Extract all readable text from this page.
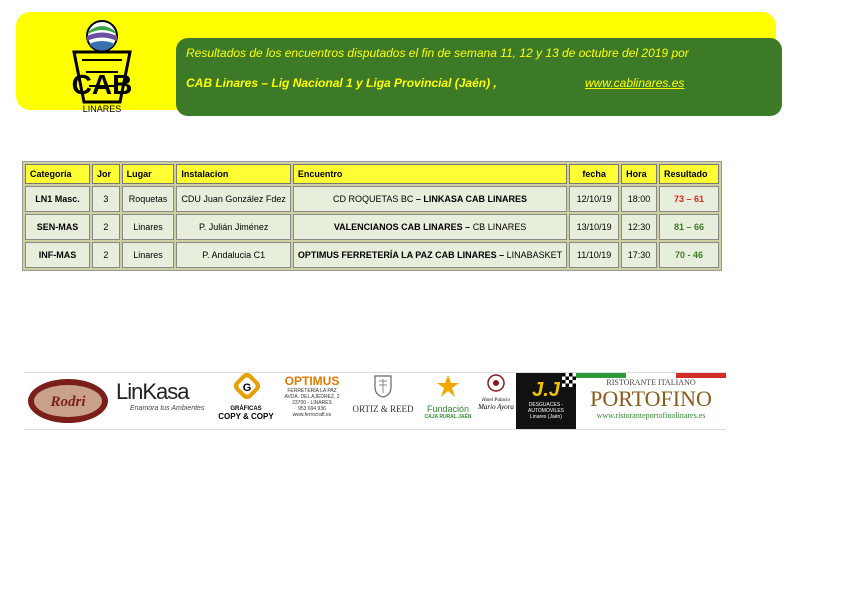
CAB
LINARES
Resultados de los encuentros disputados el fin de semana 11, 12 y 13 de octubre del 2019 por
CAB Linares – Lig Nacional 1 y Liga Provincial (Jaén) ,	www.cablinares.es
Categoría	Jor	Lugar	Instalacion	Encuentro	fecha	Hora	Resultado
LN1 Masc.	3	Roquetas	CDU Juan González Fdez	CD ROQUETAS BC – LINKASA CAB LINARES	12/10/19	18:00	73 – 61
SEN-MAS	2	Linares	P. Julián Jiménez	VALENCIANOS CAB LINARES – CB LINARES	13/10/19	12:30	81 – 66
INF-MAS	2	Linares	P. Andalucia C1	OPTIMUS FERRETERÍA LA PAZ CAB LINARES – LINABASKET	11/10/19	17:30	70 - 46
Rodri LinKasa
Enamora tus Ambientes
G
GRÁFICAS
COPY & COPY
OPTIMUS
FERRETERÍA LA PAZ
AVDA. DEL AJEDREZ, 2
23700 - LINARES
953 694 936
www.ferrocraft.es
ORTIZ & REED	Fundación
CAJA RURAL JAÉN
Hotel Palacio
Mario Ayora
J.J
DESGUACES - AUTOMOVILES
Linares (Jaén)
RISTORANTE ITALIANO
PORTOFINO
www.ristoranteportofinolinares.es
